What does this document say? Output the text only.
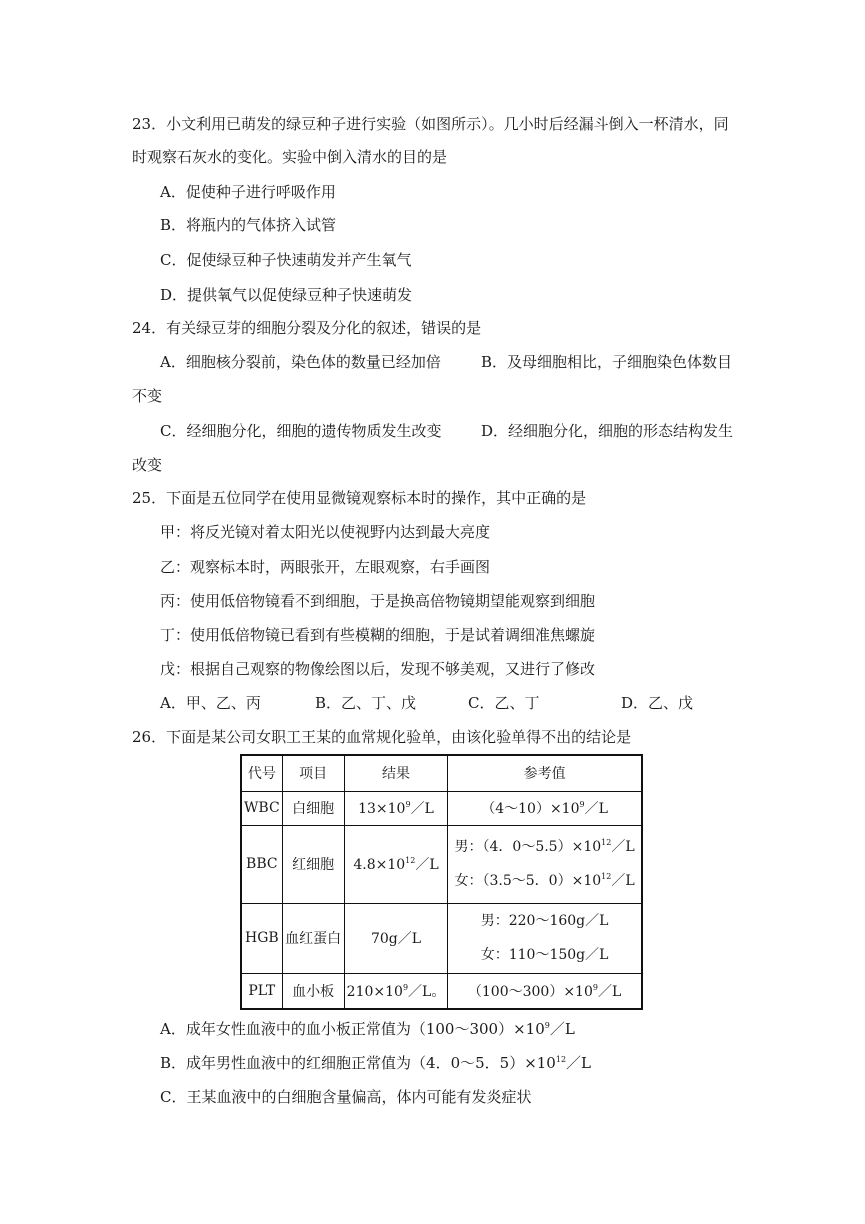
23．小文利用已萌发的绿豆种子进行实验（如图所示）。几小时后经漏斗倒入一杯清水，同
时观察石灰水的变化。实验中倒入清水的目的是
A．促使种子进行呼吸作用
B．将瓶内的气体挤入试管
C．促使绿豆种子快速萌发并产生氧气
D．提供氧气以促使绿豆种子快速萌发
24．有关绿豆芽的细胞分裂及分化的叙述，错误的是
A．细胞核分裂前，染色体的数量已经加倍	B．及母细胞相比，子细胞染色体数目
不变
C．经细胞分化，细胞的遗传物质发生改变	D．经细胞分化，细胞的形态结构发生
改变
25．下面是五位同学在使用显微镜观察标本时的操作，其中正确的是
甲：将反光镜对着太阳光以使视野内达到最大亮度
乙：观察标本时，两眼张开，左眼观察，右手画图
丙：使用低倍物镜看不到细胞，于是换高倍物镜期望能观察到细胞
丁：使用低倍物镜已看到有些模糊的细胞，于是试着调细准焦螺旋
戊：根据自己观察的物像绘图以后，发现不够美观，又进行了修改
A．甲、乙、丙	B．乙、丁、戊	C．乙、丁	D．乙、戊
26．下面是某公司女职工王某的血常规化验单，由该化验单得不出的结论是
代号	项目	结果	参考值
WBC	白细胞	$13\times 10^9/L$	$(4\sim 10)\times 10^9/L$
BBC	红细胞	$4.8\times 10^{12}/L$	男：（4．$0\sim 5.5)\times 10^{12}/L$
女：（3.5～5．$0)\times 10^{12}/L$

HGB	血红蛋白	70g／L	男：220～160g／L
女：110～150g／L

PLT	血小板	$210\times 10^9/L$。	$(100\sim 300)\times 10^9/L$
A．成年女性血液中的血小板正常值为$(100\sim 300)\times 10^9/L$
B．成年男性血液中的红细胞正常值为（4．0～5．$5)\times 10^{12}/L$
C．王某血液中的白细胞含量偏高，体内可能有发炎症状
